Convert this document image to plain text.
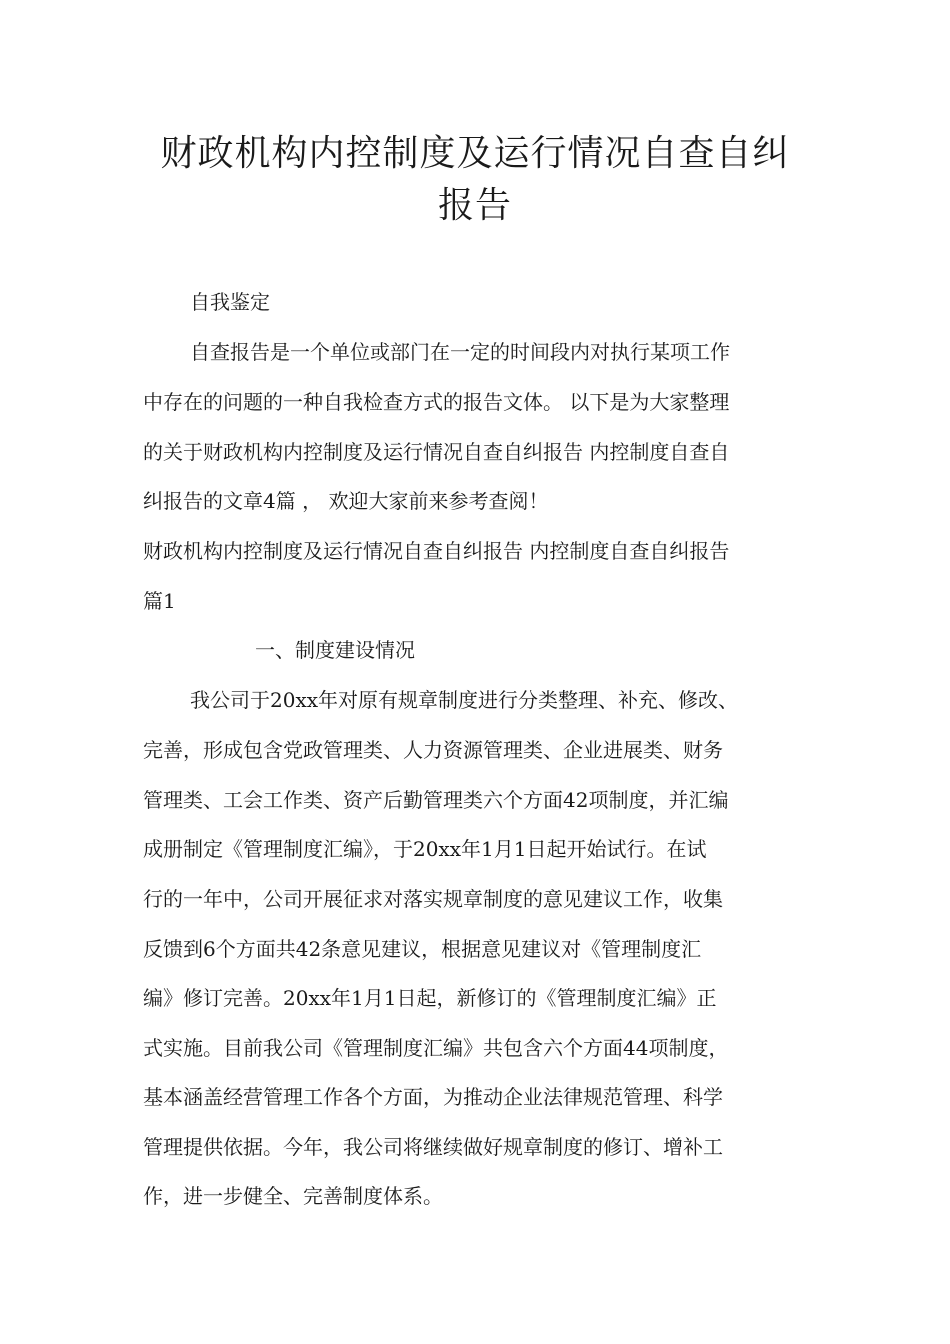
财政机构内控制度及运行情况自查自纠
报告

自我鉴定

自查报告是一个单位或部门在一定的时间段内对执行某项工作

中存在的问题的一种自我检查方式的报告文体。 以下是为大家整理

的关于财政机构内控制度及运行情况自查自纠报告 内控制度自查自

纠报告的文章4篇 ， 欢迎大家前来参考查阅！

财政机构内控制度及运行情况自查自纠报告 内控制度自查自纠报告

篇1

一、制度建设情况

我公司于20xx年对原有规章制度进行分类整理、补充、修改、

完善，形成包含党政管理类、人力资源管理类、企业进展类、财务

管理类、工会工作类、资产后勤管理类六个方面42项制度，并汇编

成册制定《管理制度汇编》，于20xx年1月1日起开始试行。在试

行的一年中，公司开展征求对落实规章制度的意见建议工作，收集

反馈到6个方面共42条意见建议，根据意见建议对《管理制度汇

编》修订完善。20xx年1月1日起，新修订的《管理制度汇编》正

式实施。目前我公司《管理制度汇编》共包含六个方面44项制度，

基本涵盖经营管理工作各个方面，为推动企业法律规范管理、科学

管理提供依据。今年，我公司将继续做好规章制度的修订、增补工

作，进一步健全、完善制度体系。
